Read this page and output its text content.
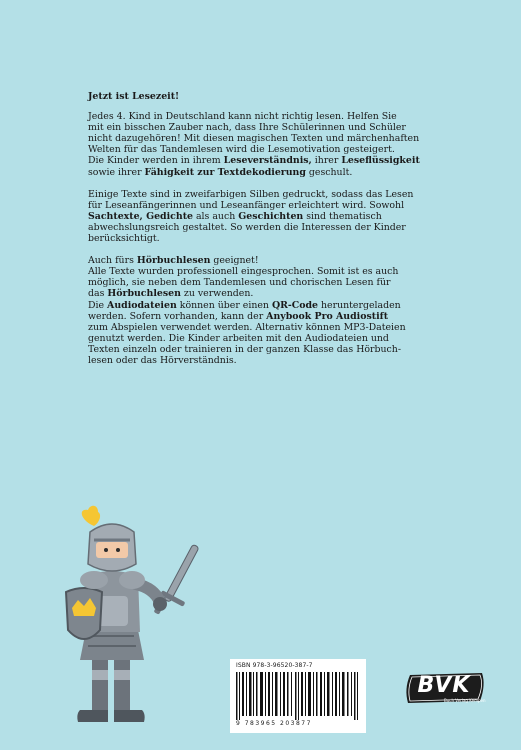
Jetzt ist Lesezeit!

Jedes 4. Kind in Deutschland kann nicht richtig lesen. Helfen Sie
mit ein bisschen Zauber nach, dass Ihre Schülerinnen und Schüler
nicht dazugehören! Mit diesen magischen Texten und märchenhaften
Welten für das Tandemlesen wird die Lesemotivation gesteigert.
Die Kinder werden in ihrem Leseverständnis, ihrer Leseflüssigkeit
sowie ihrer Fähigkeit zur Textdekodierung geschult.

Einige Texte sind in zweifarbigen Silben gedruckt, sodass das Lesen
für Leseanfängerinnen und Leseanfänger erleichtert wird. Sowohl
Sachtexte, Gedichte als auch Geschichten sind thematisch
abwechslungsreich gestaltet. So werden die Interessen der Kinder
berücksichtigt.

Auch fürs Hörbuchlesen geeignet!
Alle Texte wurden professionell eingesprochen. Somit ist es auch
möglich, sie neben dem Tandemlesen und chorischen Lesen für
das Hörbuchlesen zu verwenden.
Die Audiodateien können über einen QR-Code heruntergeladen
werden. Sofern vorhanden, kann der Anybook Pro Audiostift
zum Abspielen verwendet werden. Alternativ können MP3-Dateien
genutzt werden. Die Kinder arbeiten mit den Audiodateien und
Texten einzeln oder trainieren in der ganzen Klasse das Hörbuch-
lesen oder das Hörverständnis.

ISBN 978-3-96520-387-7
9 783965 203877
BVK
Buch Verlag Kempen
